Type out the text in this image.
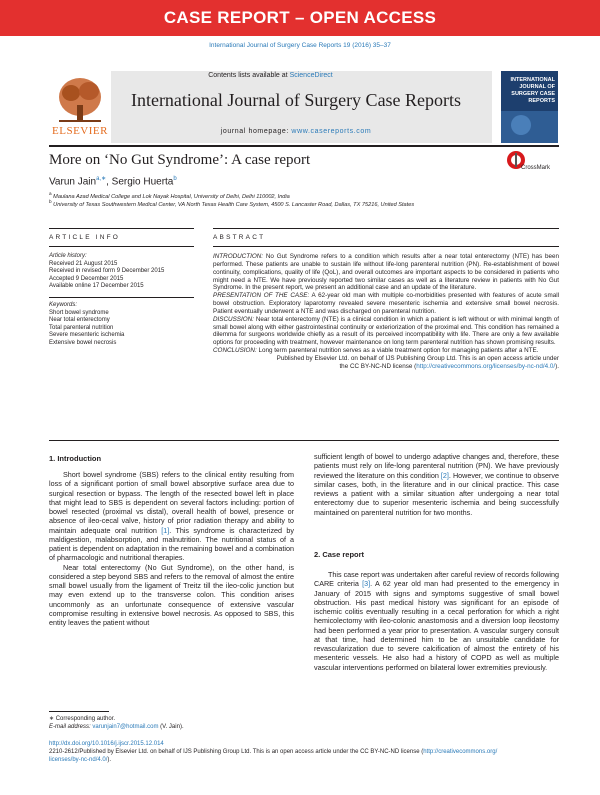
CASE REPORT – OPEN ACCESS
International Journal of Surgery Case Reports 19 (2016) 35–37
Contents lists available at ScienceDirect
International Journal of Surgery Case Reports
journal homepage: www.casereports.com
ELSEVIER
INTERNATIONAL JOURNAL OF SURGERY CASE REPORTS
More on ‘No Gut Syndrome’: A case report	CrossMark
Varun Jain$^{a,∗}$, Sergio Huerta$^b$
$^a$ Maulana Azad Medical College and Lok Nayak Hospital, University of Delhi, Delhi 110002, India
$^b$ University of Texas Southwestern Medical Center, VA North Texas Health Care System, 4500 S. Lancaster Road, Dallas, TX 75216, United States
ARTICLE INFO	ABSTRACT
Article history:
Received 21 August 2015
Received in revised form 9 December 2015
Accepted 9 December 2015
Available online 17 December 2015
Keywords:
Short bowel syndrome
Near total enterectomy
Total parenteral nutrition
Severe mesenteric ischemia
Extensive bowel necrosis

INTRODUCTION: No Gut Syndrome refers to a condition which results after a near total enterectomy (NTE) has been performed. These patients are unable to sustain life without life-long parenteral nutrition (PN). Re-establishment of bowel continuity, complications, quality of life (QoL), and overall outcomes are important aspects to be considered in patients who might need a NTE. We have previously reported two similar cases as well as a literature review in patients with No Gut Syndrome. In the present report, we present an additional case and an update of the literature.

PRESENTATION OF THE CASE: A 62-year old man with multiple co-morbidities presented with features of acute small bowel obstruction. Exploratory laparotomy revealed severe mesenteric ischemia and extensive small bowel necrosis. Patient eventually underwent a NTE and was discharged on parenteral nutrition.

DISCUSSION: Near total enterectomy (NTE) is a clinical condition in which a patient is left without or with minimal length of small bowel along with either gastrointestinal continuity or exteriorization of the proximal end. This condition has remained a dilemma for surgeons worldwide chiefly as a result of its perceived incompatibility with life. There are only a few available options for proceeding with treatment, however maintenance on long term parenteral nutrition has shown promising results.

CONCLUSION: Long term parenteral nutrition serves as a viable treatment option for managing patients after a NTE.

Published by Elsevier Ltd. on behalf of IJS Publishing Group Ltd. This is an open access article under

the CC BY-NC-ND license (http://creativecommons.org/licenses/by-nc-nd/4.0/).

1. Introduction

Short bowel syndrome (SBS) refers to the clinical entity resulting from loss of a significant portion of small bowel absorptive surface area due to surgical resection or bypass. The length of the resected bowel left in place that might lead to SBS is dependent on several factors including: portion of bowel resected (proximal vs distal), overall health of bowel, presence or absence of ileo-cecal valve, history of prior radiation therapy and ability to maintain adequate oral nutrition [1]. This syndrome is characterized by maldigestion, malabsorption, and malnutrition. The nutritional status of a patient is dependent on adaptation in the remaining bowel and a combination of pharmacologic and nutritional therapies.

Near total enterectomy (No Gut Syndrome), on the other hand, is considered a step beyond SBS and refers to the removal of almost the entire small bowel usually from the ligament of Treitz till the ileo-colic junction but may even extend up to the transverse colon. This condition arises uncommonly as an unfortunate consequence of extensive vascular compromise resulting in extensive bowel necrosis. As opposed to SBS, this entity leaves the patient without

sufficient length of bowel to undergo adaptive changes and, therefore, these patients must rely on life-long parenteral nutrition (PN). We have previously reviewed the literature on this condition [2]. However, we continue to observe similar cases, both, in the literature and in our clinical practice. This case reviews a patient with a similar situation after undergoing a near total enterectomy due to superior mesenteric ischemia and being successfully maintained on parenteral nutrition for two months.

2. Case report

This case report was undertaken after careful review of records following CARE criteria [3]. A 62 year old man had presented to the emergency in January of 2015 with signs and symptoms suggestive of small bowel obstruction. His past medical history was significant for an episode of ischemic colitis eventually resulting in a cecal perforation for which a right hemicolectomy with ileo-colonic anastomosis and a diversion loop ileostomy had been performed a year prior to presentation. A vascular surgery consult at that time, had determined him to be an unsuitable candidate for revascularization due to severe calcification of almost the entirety of his mesenteric vessels. He also had a history of COPD as well as multiple vascular interventions performed on bilateral lower extremities previously.

∗ Corresponding author.
E-mail address: varunjain7@hotmail.com (V. Jain).
http://dx.doi.org/10.1016/j.ijscr.2015.12.014
2210-2612/Published by Elsevier Ltd. on behalf of IJS Publishing Group Ltd. This is an open access article under the CC BY-NC-ND license (http://creativecommons.org/
licenses/by-nc-nd/4.0/).
